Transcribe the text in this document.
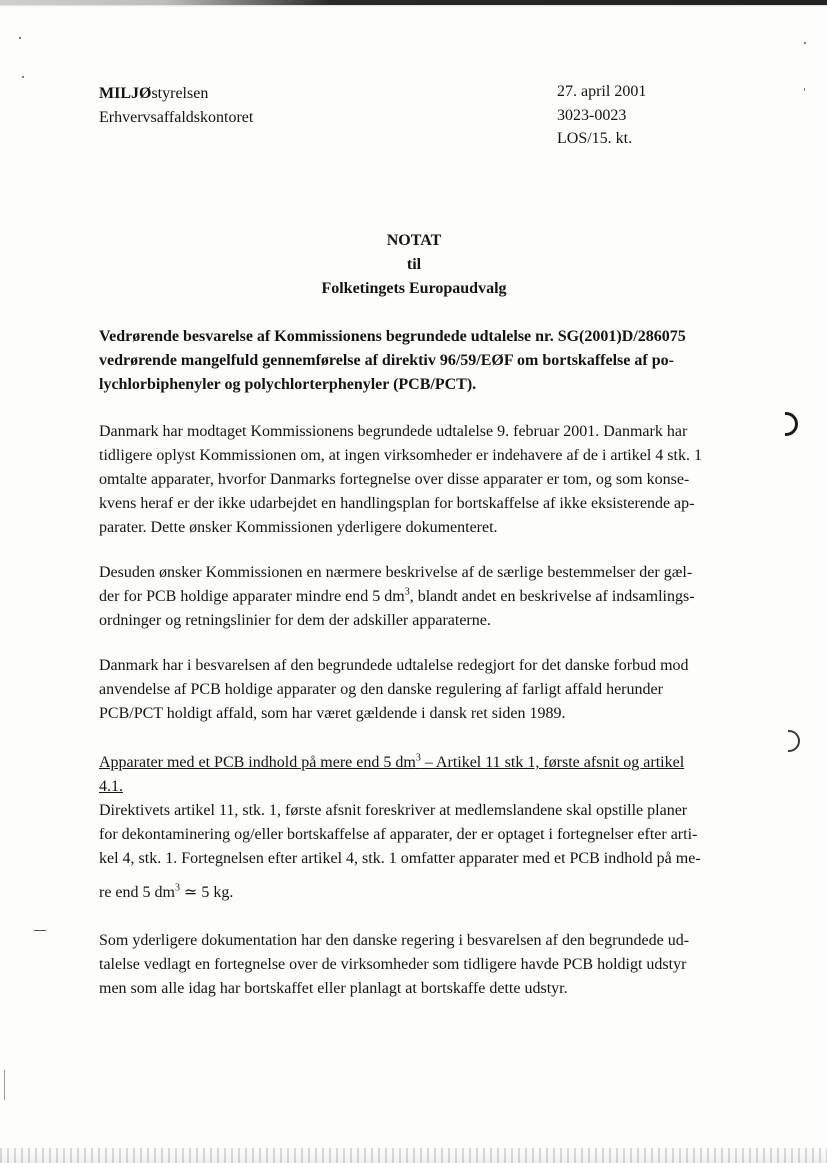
MILJØstyrelsen
Erhvervsaffaldskontoret
27. april 2001
3023-0023
LOS/15. kt.
NOTAT
til
Folketingets Europaudvalg
Vedrørende besvarelse af Kommissionens begrundede udtalelse nr. SG(2001)D/286075
vedrørende mangelfuld gennemførelse af direktiv 96/59/EØF om bortskaffelse af po-
lychlorbiphenyler og polychlorterphenyler (PCB/PCT).
Danmark har modtaget Kommissionens begrundede udtalelse 9. februar 2001. Danmark har
tidligere oplyst Kommissionen om, at ingen virksomheder er indehavere af de i artikel 4 stk. 1
omtalte apparater, hvorfor Danmarks fortegnelse over disse apparater er tom, og som konse-
kvens heraf er der ikke udarbejdet en handlingsplan for bortskaffelse af ikke eksisterende ap-
parater. Dette ønsker Kommissionen yderligere dokumenteret.
Desuden ønsker Kommissionen en nærmere beskrivelse af de særlige bestemmelser der gæl-
der for PCB holdige apparater mindre end 5 $dm^3$, blandt andet en beskrivelse af indsamlings-
ordninger og retningslinier for dem der adskiller apparaterne.
Danmark har i besvarelsen af den begrundede udtalelse redegjort for det danske forbud mod
anvendelse af PCB holdige apparater og den danske regulering af farligt affald herunder
PCB/PCT holdigt affald, som har været gældende i dansk ret siden 1989.
Apparater med et PCB indhold på mere end 5 $dm^3$ – Artikel 11 stk 1, første afsnit og artikel
4.1.
Direktivets artikel 11, stk. 1, første afsnit foreskriver at medlemslandene skal opstille planer
for dekontaminering og/eller bortskaffelse af apparater, der er optaget i fortegnelser efter arti-
kel 4, stk. 1. Fortegnelsen efter artikel 4, stk. 1 omfatter apparater med et PCB indhold på me-
re end 5 $dm^3$ ≃ 5 kg.
Som yderligere dokumentation har den danske regering i besvarelsen af den begrundede ud-
talelse vedlagt en fortegnelse over de virksomheder som tidligere havde PCB holdigt udstyr
men som alle idag har bortskaffet eller planlagt at bortskaffe dette udstyr.
